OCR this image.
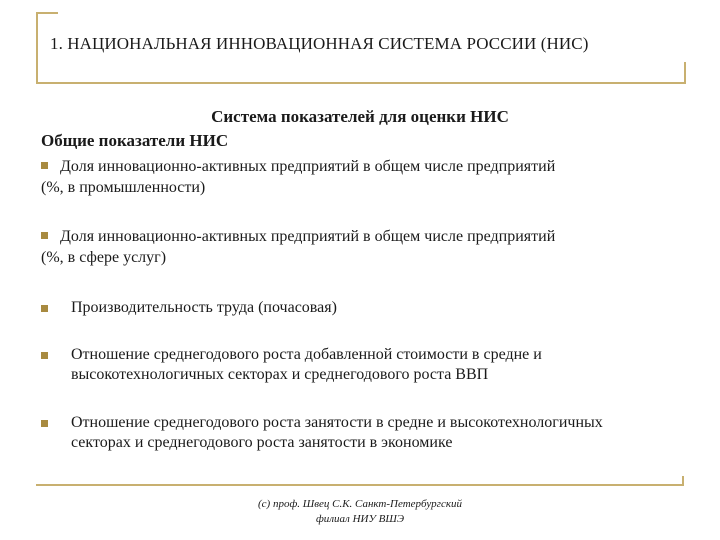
1. НАЦИОНАЛЬНАЯ ИННОВАЦИОННАЯ СИСТЕМА РОССИИ (НИС)
Система показателей для оценки НИС
Общие показатели НИС
Доля инновационно-активных предприятий в общем числе предприятий
(%, в промышленности)
Доля инновационно-активных предприятий в общем числе предприятий
(%, в сфере услуг)
Производительность труда (почасовая)
Отношение среднегодового роста добавленной стоимости в средне и высокотехнологичных секторах и среднегодового роста ВВП
Отношение среднегодового роста занятости в средне и высокотехнологичных секторах и среднегодового роста занятости в экономике
(с) проф. Швец С.К. Санкт-Петербургский
филиал НИУ ВШЭ
